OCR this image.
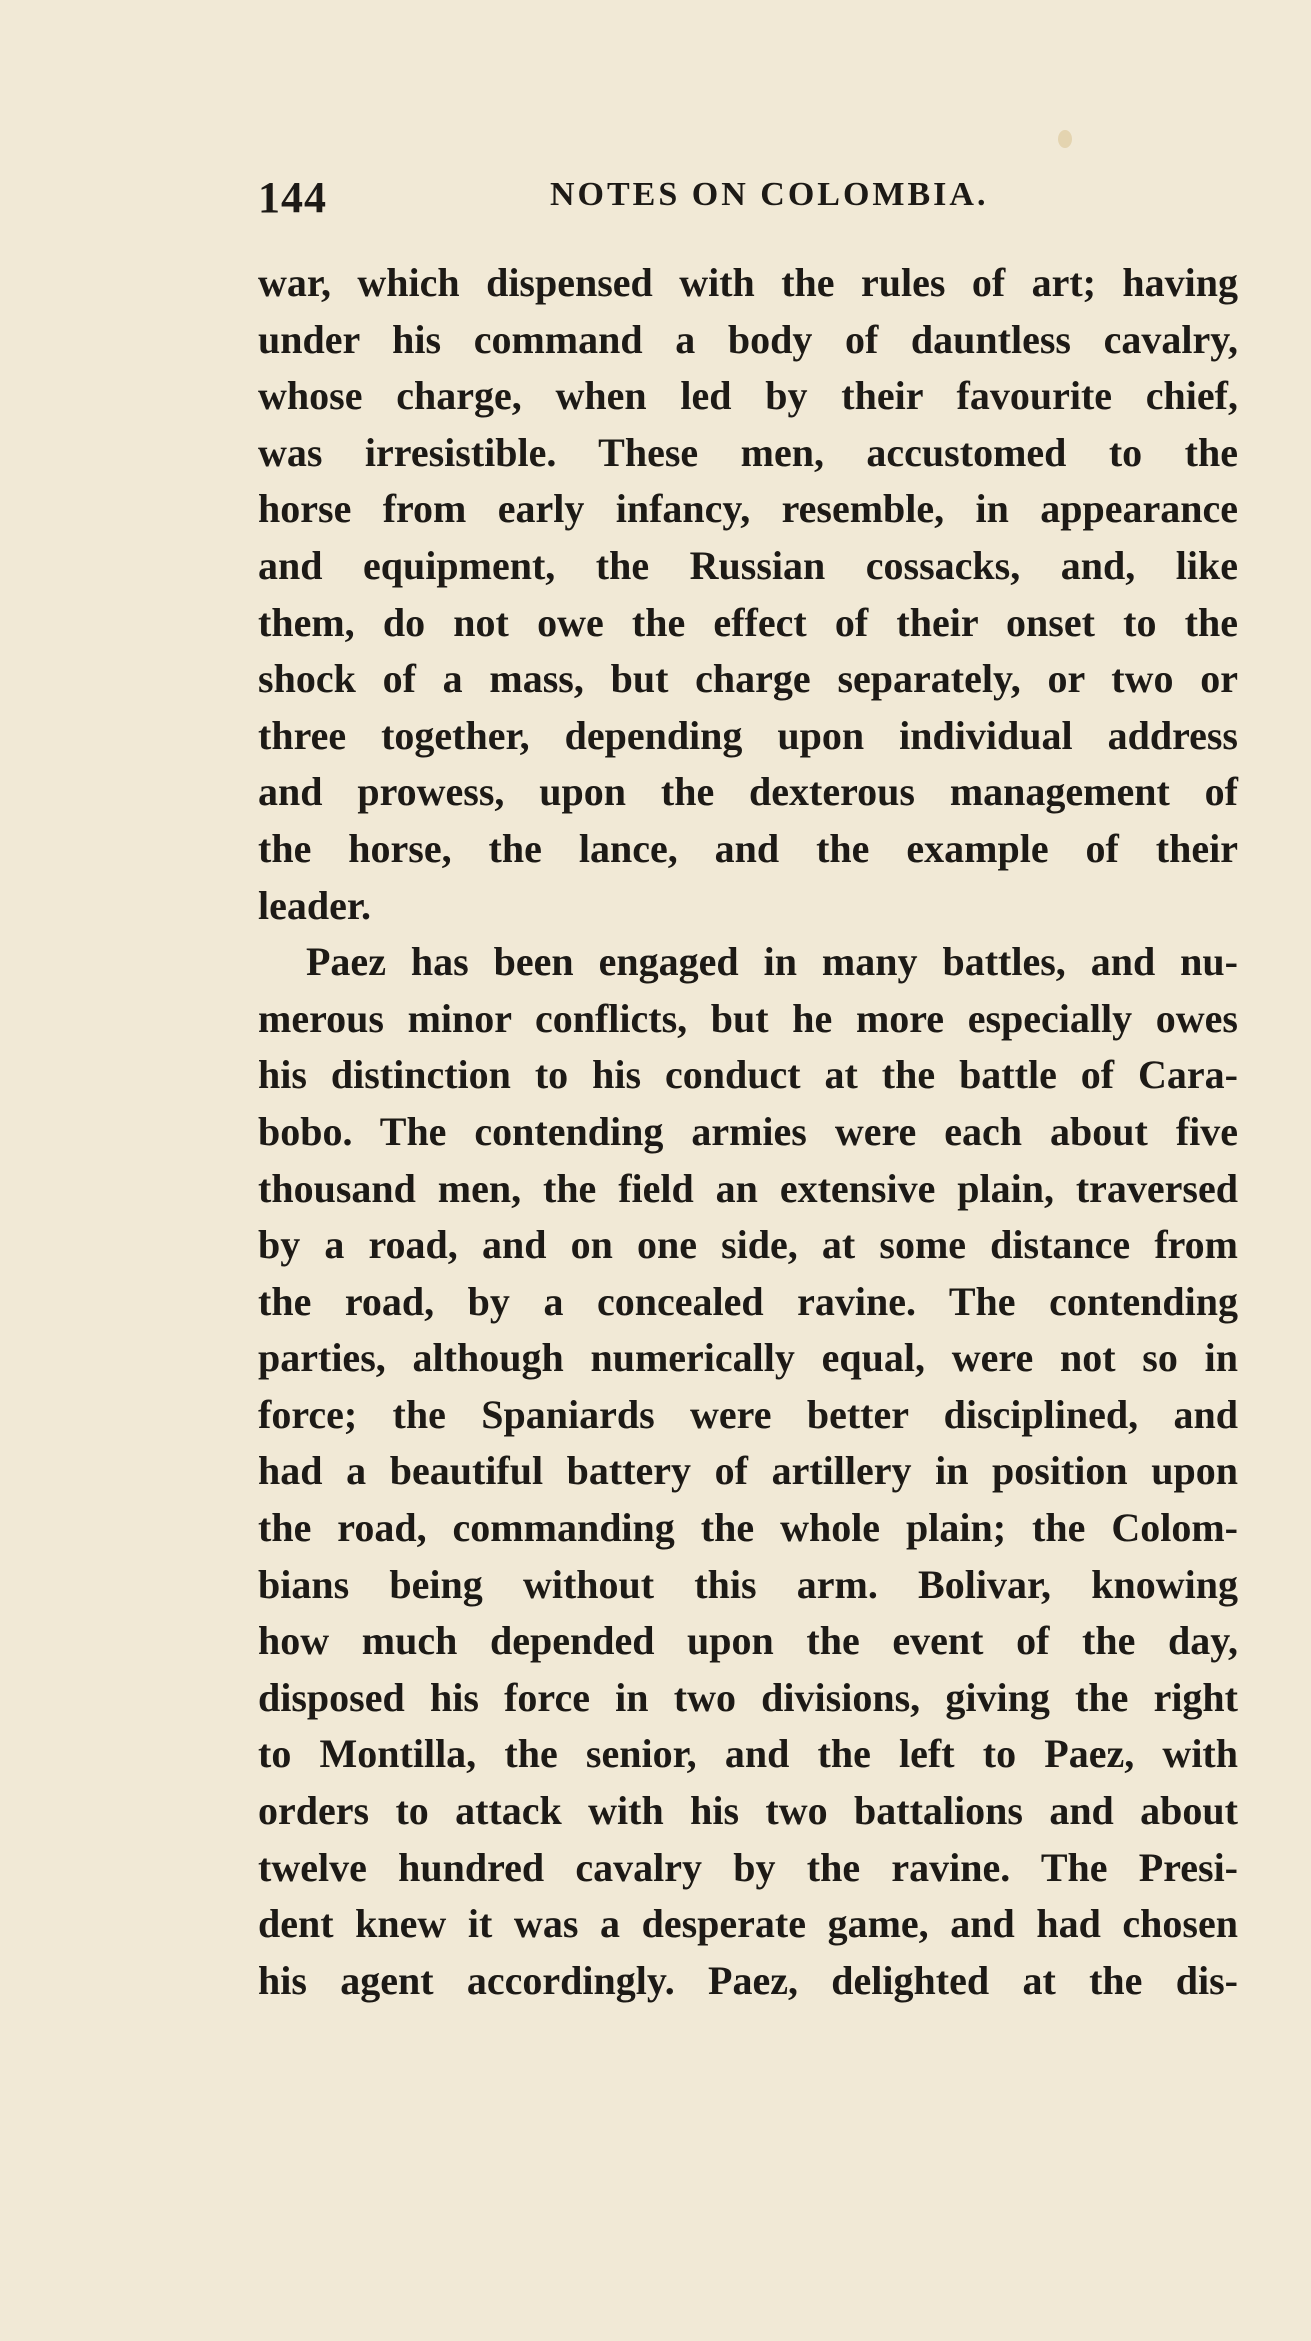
144	NOTES ON COLOMBIA.
war, which dispensed with the rules of art; having
under his command a body of dauntless cavalry,
whose charge, when led by their favourite chief,
was irresistible. These men, accustomed to the
horse from early infancy, resemble, in appearance
and equipment, the Russian cossacks, and, like
them, do not owe the effect of their onset to the
shock of a mass, but charge separately, or two or
three together, depending upon individual address
and prowess, upon the dexterous management of
the horse, the lance, and the example of their
leader.
Paez has been engaged in many battles, and nu-
merous minor conflicts, but he more especially owes
his distinction to his conduct at the battle of Cara-
bobo. The contending armies were each about five
thousand men, the field an extensive plain, traversed
by a road, and on one side, at some distance from
the road, by a concealed ravine. The contending
parties, although numerically equal, were not so in
force; the Spaniards were better disciplined, and
had a beautiful battery of artillery in position upon
the road, commanding the whole plain; the Colom-
bians being without this arm. Bolivar, knowing
how much depended upon the event of the day,
disposed his force in two divisions, giving the right
to Montilla, the senior, and the left to Paez, with
orders to attack with his two battalions and about
twelve hundred cavalry by the ravine. The Presi-
dent knew it was a desperate game, and had chosen
his agent accordingly. Paez, delighted at the dis-
